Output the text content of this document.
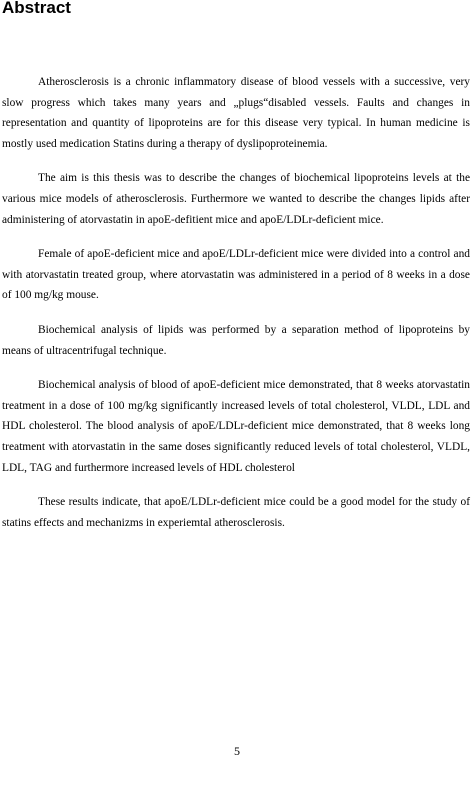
Abstract

Atherosclerosis is a chronic inflammatory disease of blood vessels with a successive, very slow progress which takes many years and „plugs“disabled vessels. Faults and changes in representation and quantity of lipoproteins are for this disease very typical. In human medicine is mostly used medication Statins during a therapy of dyslipoproteinemia.

The aim is this thesis was to describe the changes of biochemical lipoproteins levels at the various mice models of atherosclerosis. Furthermore we wanted to describe the changes lipids after administering of atorvastatin in apoE-defitient mice and apoE/LDLr-deficient mice.

Female of apoE-deficient mice and apoE/LDLr-deficient mice were divided into a control and with atorvastatin treated group, where atorvastatin was administered in a period of 8 weeks in a dose of 100 mg/kg mouse.

Biochemical analysis of lipids was performed by a separation method of lipoproteins by means of ultracentrifugal technique.

Biochemical analysis of blood of apoE-deficient mice demonstrated, that 8 weeks atorvastatin treatment in a dose of 100 mg/kg significantly increased levels of total cholesterol, VLDL, LDL and HDL cholesterol. The blood analysis of apoE/LDLr-deficient mice demonstrated, that 8 weeks long treatment with atorvastatin in the same doses significantly reduced levels of total cholesterol, VLDL, LDL, TAG and furthermore increased levels of HDL cholesterol

These results indicate, that apoE/LDLr-deficient mice could be a good model for the study of statins effects and mechanizms in experiemtal atherosclerosis.

5
